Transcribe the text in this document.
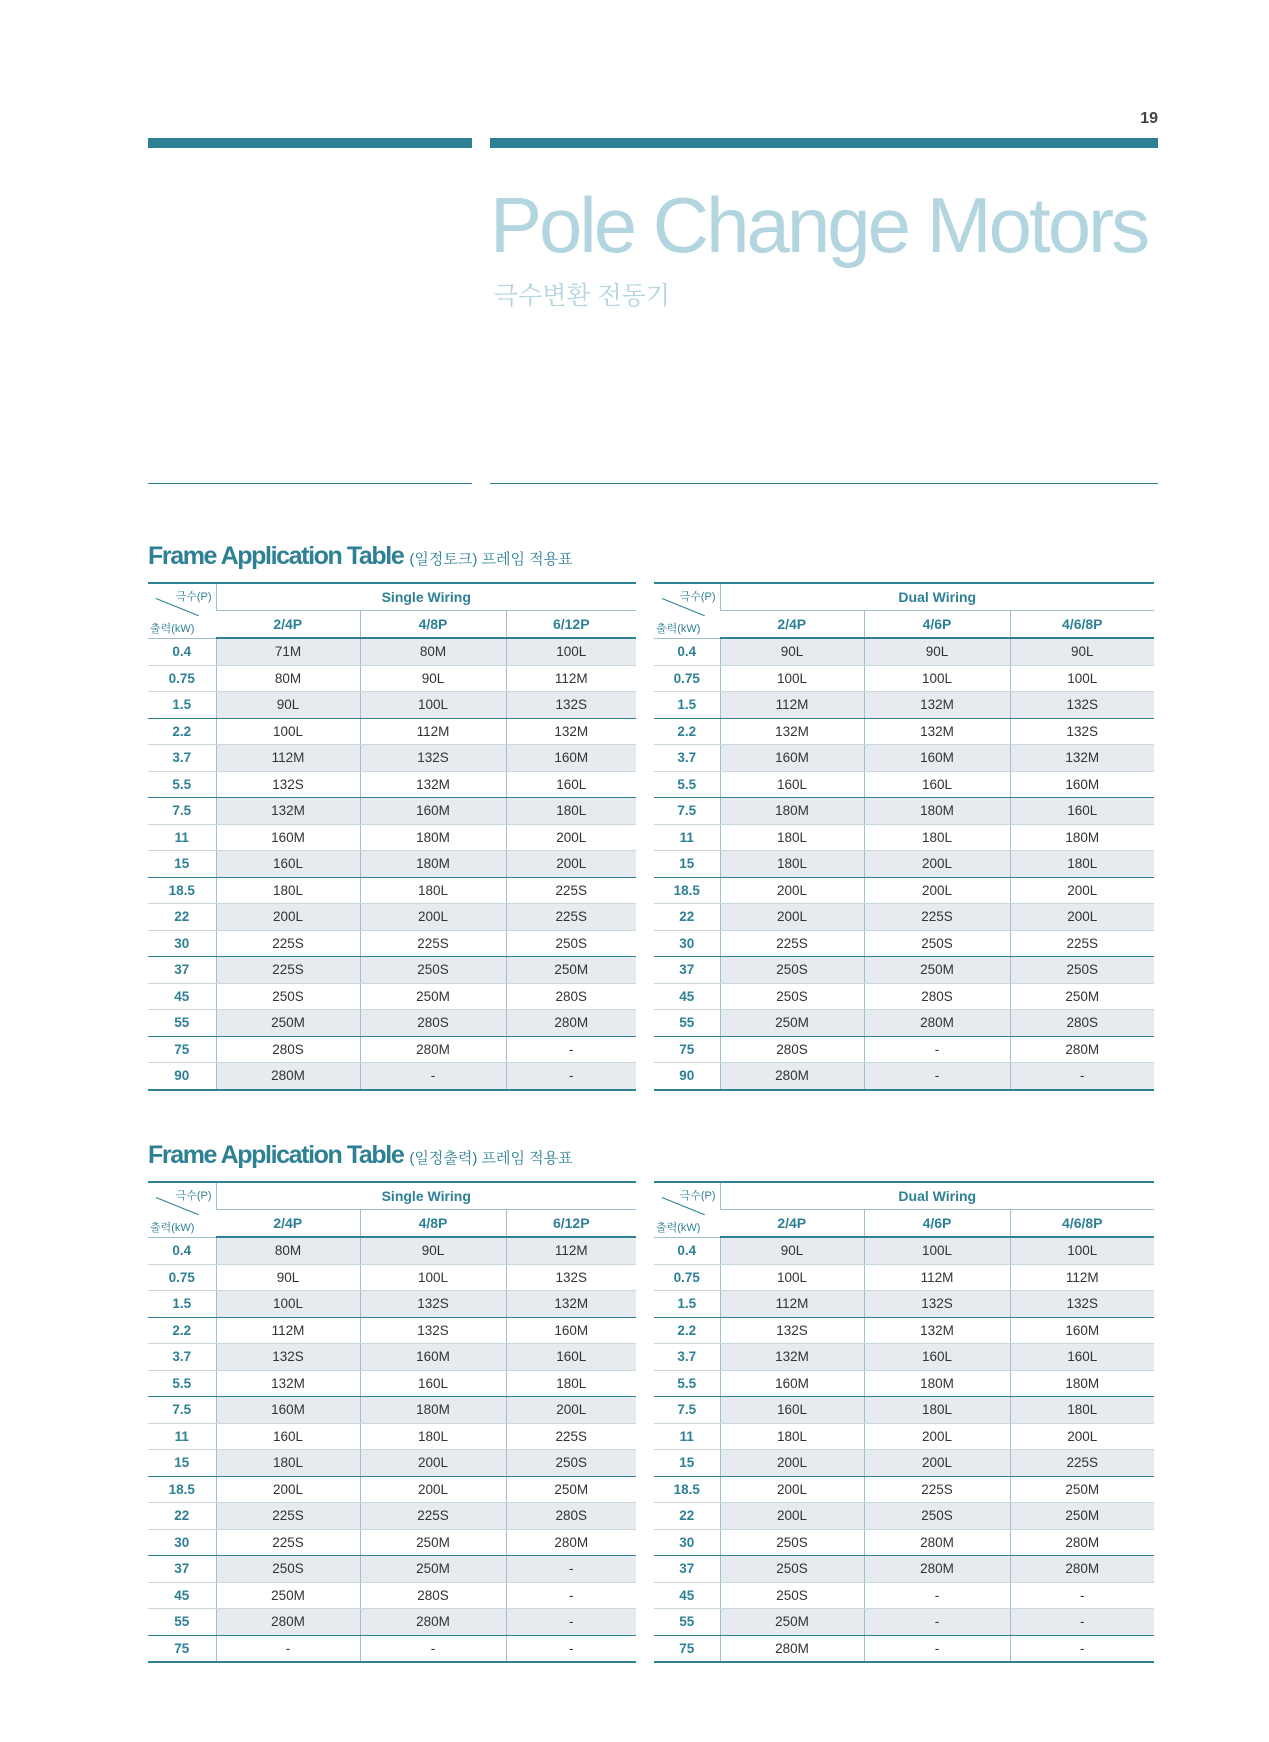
19
Pole Change Motors
극수변환 전동기
Frame Application Table (일정토크) 프레임 적용표
극수(P)
출력(kW)	Single Wiring		
	2/4P	4/8P	6/12P
0.4	71M	80M	100L
0.75	80M	90L	112M
1.5	90L	100L	132S
2.2	100L	112M	132M
3.7	112M	132S	160M
5.5	132S	132M	160L
7.5	132M	160M	180L
11	160M	180M	200L
15	160L	180M	200L
18.5	180L	180L	225S
22	200L	200L	225S
30	225S	225S	250S
37	225S	250S	250M
45	250S	250M	280S
55	250M	280S	280M
75	280S	280M	-
90	280M	-	-
극수(P)
출력(kW)	Dual Wiring		
	2/4P	4/6P	4/6/8P
0.4	90L	90L	90L
0.75	100L	100L	100L
1.5	112M	132M	132S
2.2	132M	132M	132S
3.7	160M	160M	132M
5.5	160L	160L	160M
7.5	180M	180M	160L
11	180L	180L	180M
15	180L	200L	180L
18.5	200L	200L	200L
22	200L	225S	200L
30	225S	250S	225S
37	250S	250M	250S
45	250S	280S	250M
55	250M	280M	280S
75	280S	-	280M
90	280M	-	-
Frame Application Table (일정출력) 프레임 적용표
극수(P)
출력(kW)	Single Wiring		
	2/4P	4/8P	6/12P
0.4	80M	90L	112M
0.75	90L	100L	132S
1.5	100L	132S	132M
2.2	112M	132S	160M
3.7	132S	160M	160L
5.5	132M	160L	180L
7.5	160M	180M	200L
11	160L	180L	225S
15	180L	200L	250S
18.5	200L	200L	250M
22	225S	225S	280S
30	225S	250M	280M
37	250S	250M	-
45	250M	280S	-
55	280M	280M	-
75	-	-	-
극수(P)
출력(kW)	Dual Wiring		
	2/4P	4/6P	4/6/8P
0.4	90L	100L	100L
0.75	100L	112M	112M
1.5	112M	132S	132S
2.2	132S	132M	160M
3.7	132M	160L	160L
5.5	160M	180M	180M
7.5	160L	180L	180L
11	180L	200L	200L
15	200L	200L	225S
18.5	200L	225S	250M
22	200L	250S	250M
30	250S	280M	280M
37	250S	280M	280M
45	250S	-	-
55	250M	-	-
75	280M	-	-
